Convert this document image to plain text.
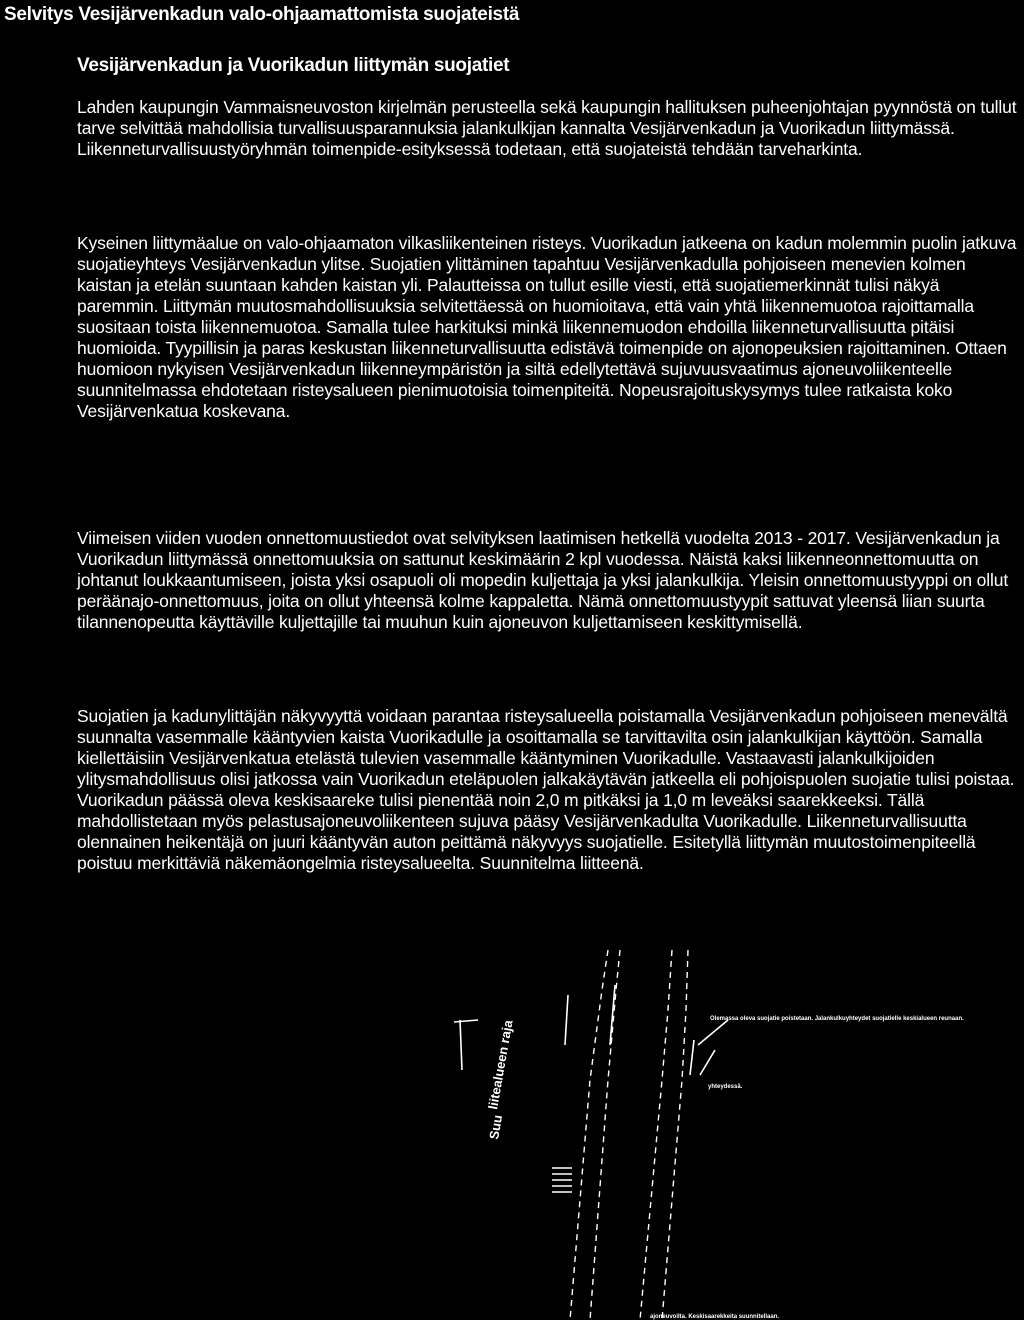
Selvitys Vesijärvenkadun valo-ohjaamattomista suojateistä
Vesijärvenkadun ja Vuorikadun liittymän suojatiet

Lahden kaupungin Vammaisneuvoston kirjelmän perusteella sekä kaupungin hallituksen puheenjohtajan pyynnöstä on tullut tarve selvittää mahdollisia turvallisuusparannuksia jalankulkijan kannalta Vesijärvenkadun ja Vuorikadun liittymässä. Liikenneturvallisuustyöryhmän toimenpide-esityksessä todetaan, että suojateistä tehdään tarveharkinta.

Kyseinen liittymäalue on valo-ohjaamaton vilkasliikenteinen risteys. Vuorikadun jatkeena on kadun molemmin puolin jatkuva suojatieyhteys Vesijärvenkadun ylitse. Suojatien ylittäminen tapahtuu Vesijärvenkadulla pohjoiseen menevien kolmen kaistan ja etelän suuntaan kahden kaistan yli. Palautteissa on tullut esille viesti, että suojatiemerkinnät tulisi näkyä paremmin. Liittymän muutosmahdollisuuksia selvitettäessä on huomioitava, että vain yhtä liikennemuotoa rajoittamalla suositaan toista liikennemuotoa. Samalla tulee harkituksi minkä liikennemuodon ehdoilla liikenneturvallisuutta pitäisi huomioida. Tyypillisin ja paras keskustan liikenneturvallisuutta edistävä toimenpide on ajonopeuksien rajoittaminen. Ottaen huomioon nykyisen Vesijärvenkadun liikenneympäristön ja siltä edellytettävä sujuvuusvaatimus ajoneuvoliikenteelle suunnitelmassa ehdotetaan risteysalueen pienimuotoisia toimenpiteitä. Nopeusrajoituskysymys tulee ratkaista koko Vesijärvenkatua koskevana.

Viimeisen viiden vuoden onnettomuustiedot ovat selvityksen laatimisen hetkellä vuodelta 2013 - 2017. Vesijärvenkadun ja Vuorikadun liittymässä onnettomuuksia on sattunut keskimäärin 2 kpl vuodessa. Näistä kaksi liikenneonnettomuutta on johtanut loukkaantumiseen, joista yksi osapuoli oli mopedin kuljettaja ja yksi jalankulkija. Yleisin onnettomuustyyppi on ollut peräänajo-onnettomuus, joita on ollut yhteensä kolme kappaletta. Nämä onnettomuustyypit sattuvat yleensä liian suurta tilannenopeutta käyttäville kuljettajille tai muuhun kuin ajoneuvon kuljettamiseen keskittymisellä.

Suojatien ja kadunylittäjän näkyvyyttä voidaan parantaa risteysalueella poistamalla Vesijärvenkadun pohjoiseen menevältä suunnalta vasemmalle kääntyvien kaista Vuorikadulle ja osoittamalla se tarvittavilta osin jalankulkijan käyttöön. Samalla kiellettäisiin Vesijärvenkatua etelästä tulevien vasemmalle kääntyminen Vuorikadulle. Vastaavasti jalankulkijoiden ylitysmahdollisuus olisi jatkossa vain Vuorikadun eteläpuolen jalkakäytävän jatkeella eli pohjoispuolen suojatie tulisi poistaa. Vuorikadun päässä oleva keskisaareke tulisi pienentää noin 2,0 m pitkäksi ja 1,0 m leveäksi saarekkeeksi. Tällä mahdollistetaan myös pelastusajoneuvoliikenteen sujuva pääsy Vesijärvenkadulta Vuorikadulle. Liikenneturvallisuutta olennainen heikentäjä on juuri kääntyvän auton peittämä näkyvyys suojatielle. Esitetyllä liittymän muutostoimenpiteellä poistuu merkittäviä näkemäongelmia risteysalueelta. Suunnitelma liitteenä.

liitealueen raja
Suu
Olemassa oleva suojatie poistetaan. Jalankulkuyhteydet suojatielle keskialueen reunaan.
yhteydessä.
ajoneuvoilta. Keskisaarekkeita suunnitellaan.
